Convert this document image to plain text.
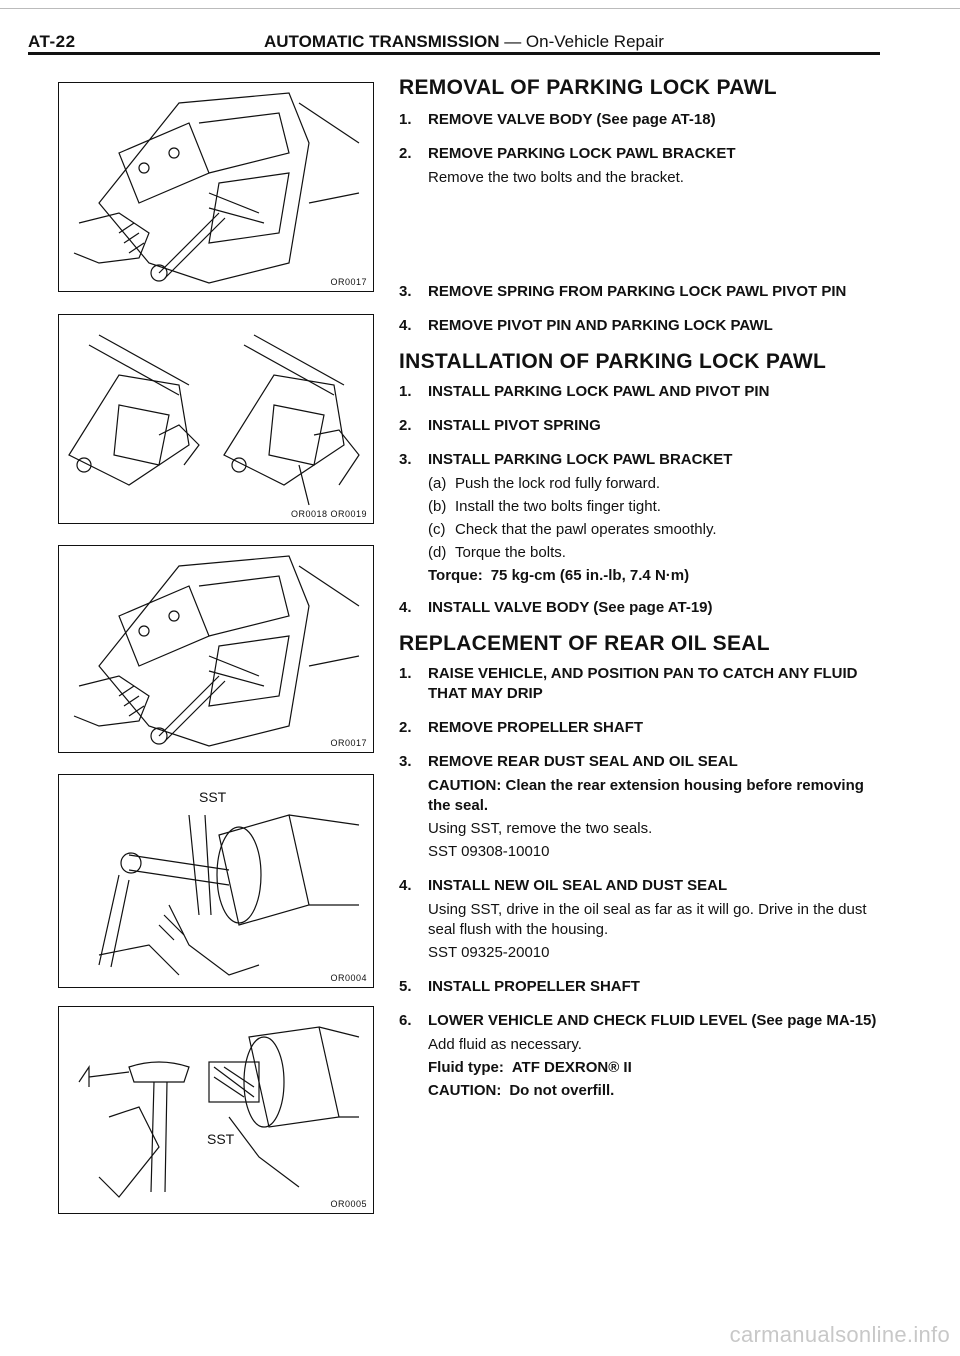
AT-22	AUTOMATIC TRANSMISSION — On-Vehicle Repair
OR0017
OR0018 OR0019
OR0017
SST
OR0004
SST
OR0005
REMOVAL OF PARKING LOCK PAWL
1. REMOVE VALVE BODY (See page AT-18)
2. REMOVE PARKING LOCK PAWL BRACKET
Remove the two bolts and the bracket.
3. REMOVE SPRING FROM PARKING LOCK PAWL PIVOT PIN
4. REMOVE PIVOT PIN AND PARKING LOCK PAWL
INSTALLATION OF PARKING LOCK PAWL
1. INSTALL PARKING LOCK PAWL AND PIVOT PIN
2. INSTALL PIVOT SPRING
3. INSTALL PARKING LOCK PAWL BRACKET
(a) Push the lock rod fully forward.
(b) Install the two bolts finger tight.
(c) Check that the pawl operates smoothly.
(d) Torque the bolts.
Torque: 75 kg-cm (65 in.-lb, 7.4 N·m)
4. INSTALL VALVE BODY (See page AT-19)
REPLACEMENT OF REAR OIL SEAL
1. RAISE VEHICLE, AND POSITION PAN TO CATCH ANY FLUID THAT MAY DRIP
2. REMOVE PROPELLER SHAFT
3. REMOVE REAR DUST SEAL AND OIL SEAL
CAUTION: Clean the rear extension housing before removing the seal.
Using SST, remove the two seals.
SST 09308-10010
4. INSTALL NEW OIL SEAL AND DUST SEAL
Using SST, drive in the oil seal as far as it will go. Drive in the dust seal flush with the housing.
SST 09325-20010
5. INSTALL PROPELLER SHAFT
6. LOWER VEHICLE AND CHECK FLUID LEVEL (See page MA-15)
Add fluid as necessary.
Fluid type: ATF DEXRON® II
CAUTION: Do not overfill.
carmanualsonline.info
